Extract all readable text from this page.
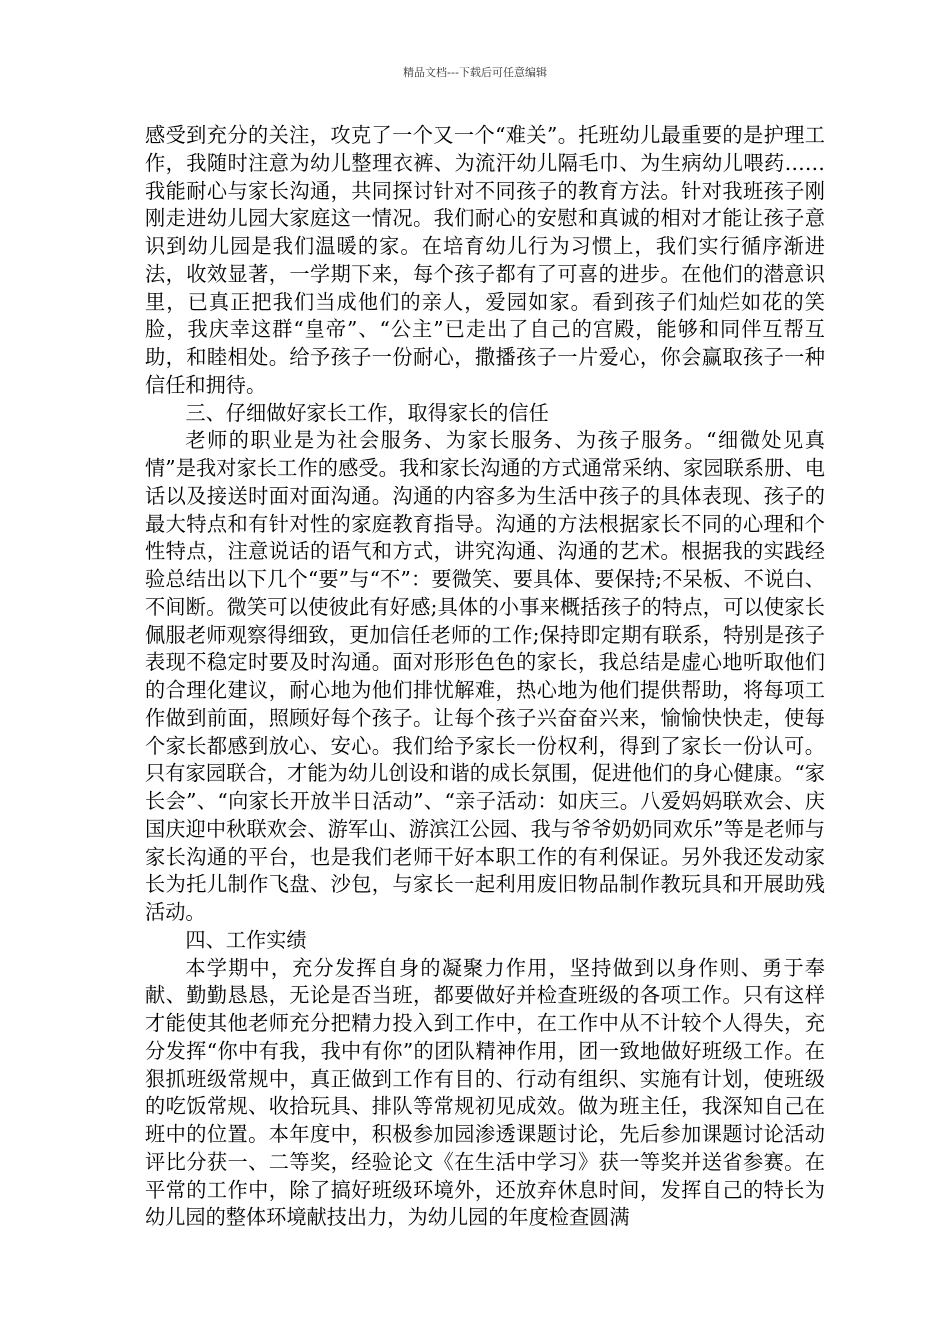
精品文档---下载后可任意编辑

感受到充分的关注，攻克了一个又一个“难关”。托班幼儿最重要的是护理工作，我随时注意为幼儿整理衣裤、为流汗幼儿隔毛巾、为生病幼儿喂药……我能耐心与家长沟通，共同探讨针对不同孩子的教育方法。针对我班孩子刚刚走进幼儿园大家庭这一情况。我们耐心的安慰和真诚的相对才能让孩子意识到幼儿园是我们温暖的家。在培育幼儿行为习惯上，我们实行循序渐进法，收效显著，一学期下来，每个孩子都有了可喜的进步。在他们的潜意识里，已真正把我们当成他们的亲人，爱园如家。看到孩子们灿烂如花的笑脸，我庆幸这群“皇帝”、“公主”已走出了自己的宫殿，能够和同伴互帮互助，和睦相处。给予孩子一份耐心，撒播孩子一片爱心，你会赢取孩子一种信任和拥待。

三、仔细做好家长工作，取得家长的信任

老师的职业是为社会服务、为家长服务、为孩子服务。“细微处见真情”是我对家长工作的感受。我和家长沟通的方式通常采纳、家园联系册、电话以及接送时面对面沟通。沟通的内容多为生活中孩子的具体表现、孩子的最大特点和有针对性的家庭教育指导。沟通的方法根据家长不同的心理和个性特点，注意说话的语气和方式，讲究沟通、沟通的艺术。根据我的实践经验总结出以下几个“要”与“不”：要微笑、要具体、要保持;不呆板、不说白、不间断。微笑可以使彼此有好感;具体的小事来概括孩子的特点，可以使家长佩服老师观察得细致，更加信任老师的工作;保持即定期有联系，特别是孩子表现不稳定时要及时沟通。面对形形色色的家长，我总结是虚心地听取他们的合理化建议，耐心地为他们排忧解难，热心地为他们提供帮助，将每项工作做到前面，照顾好每个孩子。让每个孩子兴奋奋兴来，愉愉快快走，使每个家长都感到放心、安心。我们给予家长一份权利，得到了家长一份认可。只有家园联合，才能为幼儿创设和谐的成长氛围，促进他们的身心健康。“家长会”、“向家长开放半日活动”、“亲子活动：如庆三。八爱妈妈联欢会、庆国庆迎中秋联欢会、游军山、游滨江公园、我与爷爷奶奶同欢乐”等是老师与家长沟通的平台，也是我们老师干好本职工作的有利保证。另外我还发动家长为托儿制作飞盘、沙包，与家长一起利用废旧物品制作教玩具和开展助残活动。

四、工作实绩

本学期中，充分发挥自身的凝聚力作用，坚持做到以身作则、勇于奉献、勤勤恳恳，无论是否当班，都要做好并检查班级的各项工作。只有这样才能使其他老师充分把精力投入到工作中，在工作中从不计较个人得失，充分发挥“你中有我，我中有你”的团队精神作用，团一致地做好班级工作。在狠抓班级常规中，真正做到工作有目的、行动有组织、实施有计划，使班级的吃饭常规、收拾玩具、排队等常规初见成效。做为班主任，我深知自己在班中的位置。本年度中，积极参加园渗透课题讨论，先后参加课题讨论活动评比分获一、二等奖，经验论文《在生活中学习》获一等奖并送省参赛。在平常的工作中，除了搞好班级环境外，还放弃休息时间，发挥自己的特长为幼儿园的整体环境献技出力，为幼儿园的年度检查圆满
